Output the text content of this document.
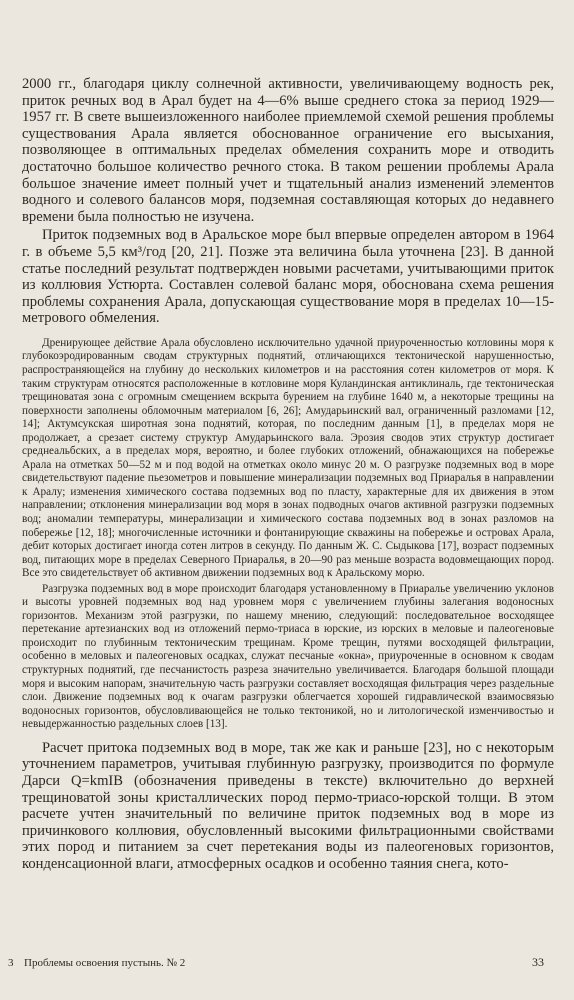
2000 гг., благодаря циклу солнечной активности, увеличивающему водность рек, приток речных вод в Арал будет на 4—6% выше среднего стока за период 1929—1957 гг. В свете вышеизложенного наиболее приемлемой схемой решения проблемы существования Арала является обоснованное ограничение его высыхания, позволяющее в оптимальных пределах обмеления сохранить море и отводить достаточно большое количество речного стока. В таком решении проблемы Арала большое значение имеет полный учет и тщательный анализ изменений элементов водного и солевого балансов моря, подземная составляющая которых до недавнего времени была полностью не изучена.

Приток подземных вод в Аральское море был впервые определен автором в 1964 г. в объеме 5,5 км³/год [20, 21]. Позже эта величина была уточнена [23]. В данной статье последний результат подтвержден новыми расчетами, учитывающими приток из коллювия Устюрта. Составлен солевой баланс моря, обоснована схема решения проблемы сохранения Арала, допускающая существование моря в пределах 10—15-метрового обмеления.

Дренирующее действие Арала обусловлено исключительно удачной приуроченностью котловины моря к глубокоэродированным сводам структурных поднятий, отличающихся тектонической нарушенностью, распространяющейся на глубину до нескольких километров и на расстояния сотен километров от моря. К таким структурам относятся расположенные в котловине моря Куландинская антиклиналь, где тектоническая трещиноватая зона с огромным смещением вскрыта бурением на глубине 1640 м, а некоторые трещины на поверхности заполнены обломочным материалом [6, 26]; Амударьинский вал, ограниченный разломами [12, 14]; Актумсукская широтная зона поднятий, которая, по последним данным [1], в пределах моря не продолжает, а срезает систему структур Амударьинского вала. Эрозия сводов этих структур достигает среднеальбских, а в пределах моря, вероятно, и более глубоких отложений, обнажающихся на побережье Арала на отметках 50—52 м и под водой на отметках около минус 20 м. О разгрузке подземных вод в море свидетельствуют падение пьезометров и повышение минерализации подземных вод Приаралья в направлении к Аралу; изменения химического состава подземных вод по пласту, характерные для их движения в этом направлении; отклонения минерализации вод моря в зонах подводных очагов активной разгрузки подземных вод; аномалии температуры, минерализации и химического состава подземных вод в зонах разломов на побережье [12, 18]; многочисленные источники и фонтанирующие скважины на побережье и островах Арала, дебит которых достигает иногда сотен литров в секунду. По данным Ж. С. Сыдыкова [17], возраст подземных вод, питающих море в пределах Северного Приаралья, в 20—90 раз меньше возраста водовмещающих пород. Все это свидетельствует об активном движении подземных вод к Аральскому морю.

Разгрузка подземных вод в море происходит благодаря установленному в Приаралье увеличению уклонов и высоты уровней подземных вод над уровнем моря с увеличением глубины залегания водоносных горизонтов. Механизм этой разгрузки, по нашему мнению, следующий: последовательное восходящее перетекание артезианских вод из отложений пермо-триаса в юрские, из юрских в меловые и палеогеновые происходит по глубинным тектоническим трещинам. Кроме трещин, путями восходящей фильтрации, особенно в меловых и палеогеновых осадках, служат песчаные «окна», приуроченные в основном к сводам структурных поднятий, где песчанистость разреза значительно увеличивается. Благодаря большой площади моря и высоким напорам, значительную часть разгрузки составляет восходящая фильтрация через раздельные слои. Движение подземных вод к очагам разгрузки облегчается хорошей гидравлической взаимосвязью водоносных горизонтов, обусловливающейся не только тектоникой, но и литологической изменчивостью и невыдержанностью раздельных слоев [13].

Расчет притока подземных вод в море, так же как и раньше [23], но с некоторым уточнением параметров, учитывая глубинную разгрузку, производится по формуле Дарси Q=kmIB (обозначения приведены в тексте) включительно до верхней трещиноватой зоны кристаллических пород пермо-триасо-юрской толщи. В этом расчете учтен значительный по величине приток подземных вод в море из причинкового коллювия, обусловленный высокими фильтрационными свойствами этих пород и питанием за счет перетекания воды из палеогеновых горизонтов, конденсационной влаги, атмосферных осадков и особенно таяния снега, кото-

3 Проблемы освоения пустынь. № 2	33
